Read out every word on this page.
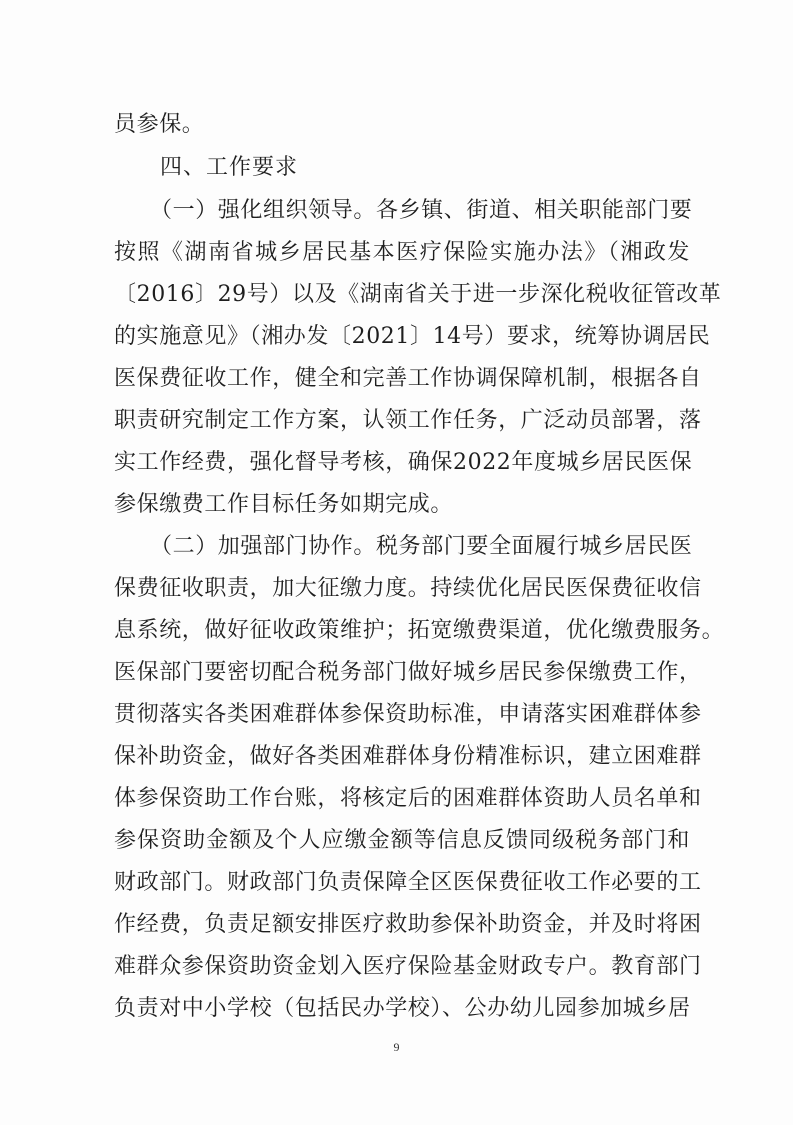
员参保。
四、工作要求
（一）强化组织领导。各乡镇、街道、相关职能部门要
按照《湖南省城乡居民基本医疗保险实施办法》（湘政发
〔2016〕29号）以及《湖南省关于进一步深化税收征管改革
的实施意见》（湘办发〔2021〕14号）要求，统筹协调居民
医保费征收工作，健全和完善工作协调保障机制，根据各自
职责研究制定工作方案，认领工作任务，广泛动员部署，落
实工作经费，强化督导考核，确保2022年度城乡居民医保
参保缴费工作目标任务如期完成。
（二）加强部门协作。税务部门要全面履行城乡居民医
保费征收职责，加大征缴力度。持续优化居民医保费征收信
息系统，做好征收政策维护；拓宽缴费渠道，优化缴费服务。
医保部门要密切配合税务部门做好城乡居民参保缴费工作，
贯彻落实各类困难群体参保资助标准，申请落实困难群体参
保补助资金，做好各类困难群体身份精准标识，建立困难群
体参保资助工作台账，将核定后的困难群体资助人员名单和
参保资助金额及个人应缴金额等信息反馈同级税务部门和
财政部门。财政部门负责保障全区医保费征收工作必要的工
作经费，负责足额安排医疗救助参保补助资金，并及时将困
难群众参保资助资金划入医疗保险基金财政专户。教育部门
负责对中小学校（包括民办学校）、公办幼儿园参加城乡居
9
